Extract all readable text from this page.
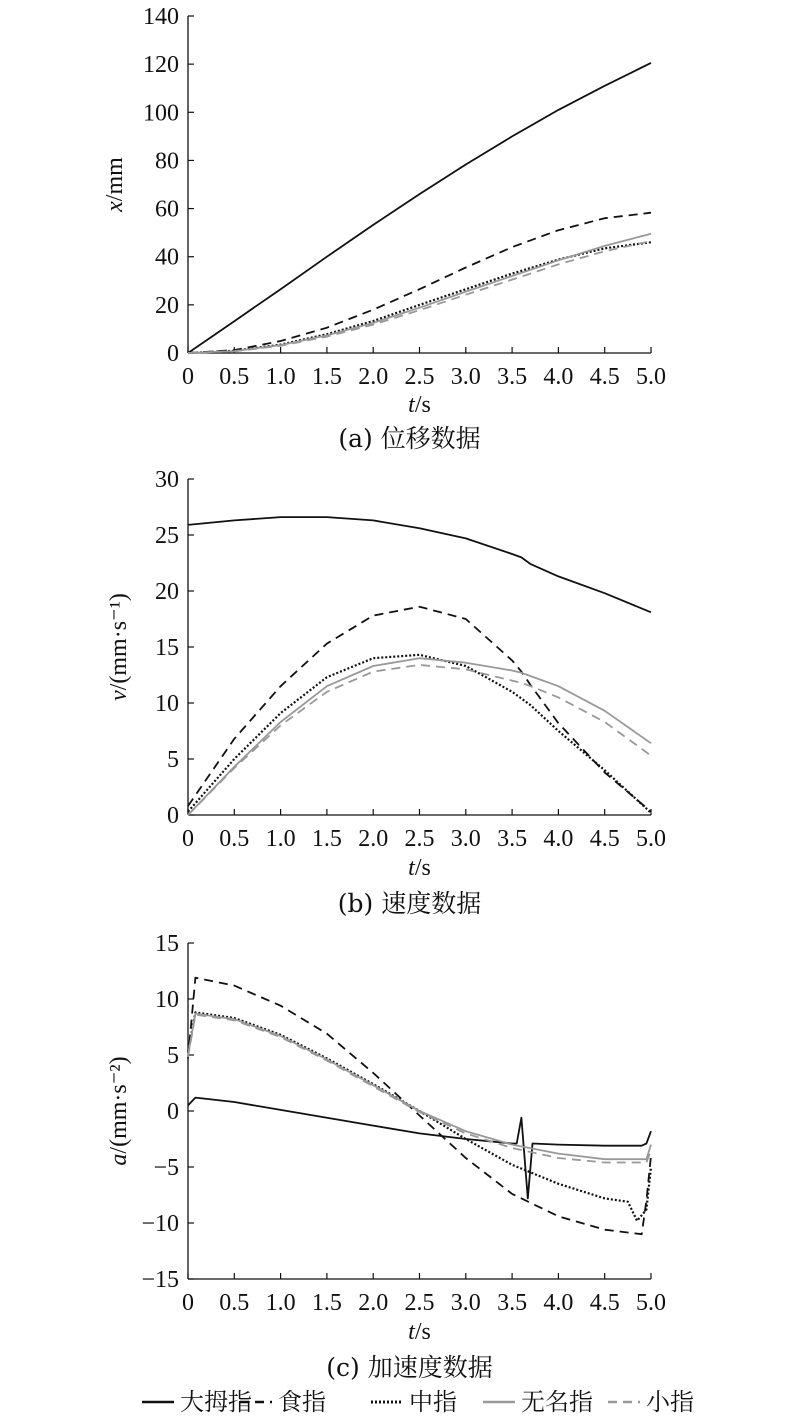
0
20
40
60
80
100
120
140
0 0.5 1.0 1.5 2.0 2.5 3.0 3.5 4.0 4.5 5.0
t/s
x/mm
(a) 位移数据
0
5
10
15
20
25
30
0 0.5 1.0 1.5 2.0 2.5 3.0 3.5 4.0 4.5 5.0
t/s
v/(mm·s⁻¹)
(b) 速度数据
−15
−10
−5
0
5
10
15
0 0.5 1.0 1.5 2.0 2.5 3.0 3.5 4.0 4.5 5.0
t/s
a/(mm·s⁻²)
(c) 加速度数据
大拇指 食指	中指	无名指 小指
